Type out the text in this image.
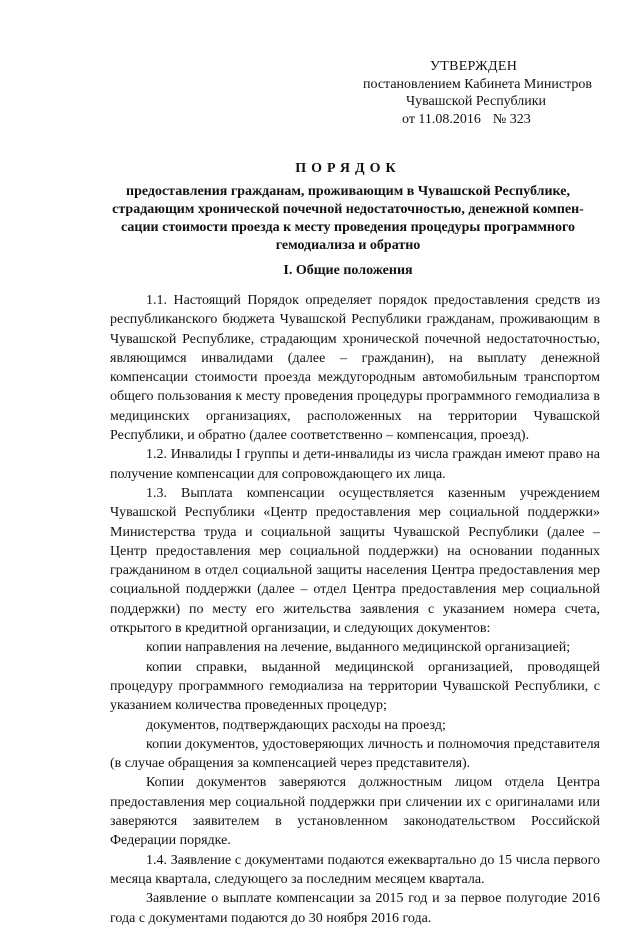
УТВЕРЖДЕН
постановлением Кабинета Министров
Чувашской Республики
от 11.08.2016 № 323
ПОРЯДОК
предоставления гражданам, проживающим в Чувашской Республике,
страдающим хронической почечной недостаточностью, денежной компен-
сации стоимости проезда к месту проведения процедуры программного
гемодиализа и обратно
I. Общие положения

1.1. Настоящий Порядок определяет порядок предоставления средств из республиканского бюджета Чувашской Республики гражданам, проживающим в Чувашской Республике, страдающим хронической почечной недостаточностью, являющимся инвалидами (далее – гражданин), на выплату денежной компенсации стоимости проезда междугородным автомобильным транспортом общего пользования к месту проведения процедуры программного гемодиализа в медицинских организациях, расположенных на территории Чувашской Республики, и обратно (далее соответственно – компенсация, проезд).

1.2. Инвалиды I группы и дети-инвалиды из числа граждан имеют право на получение компенсации для сопровождающего их лица.

1.3. Выплата компенсации осуществляется казенным учреждением Чувашской Республики «Центр предоставления мер социальной поддержки» Министерства труда и социальной защиты Чувашской Республики (далее – Центр предоставления мер социальной поддержки) на основании поданных гражданином в отдел социальной защиты населения Центра предоставления мер социальной поддержки (далее – отдел Центра предоставления мер социальной поддержки) по месту его жительства заявления с указанием номера счета, открытого в кредитной организации, и следующих документов:

копии направления на лечение, выданного медицинской организацией;

копии справки, выданной медицинской организацией, проводящей процедуру программного гемодиализа на территории Чувашской Республики, с указанием количества проведенных процедур;

документов, подтверждающих расходы на проезд;

копии документов, удостоверяющих личность и полномочия представителя (в случае обращения за компенсацией через представителя).

Копии документов заверяются должностным лицом отдела Центра предоставления мер социальной поддержки при сличении их с оригиналами или заверяются заявителем в установленном законодательством Российской Федерации порядке.

1.4. Заявление с документами подаются ежеквартально до 15 числа первого месяца квартала, следующего за последним месяцем квартала.

Заявление о выплате компенсации за 2015 год и за первое полугодие 2016 года с документами подаются до 30 ноября 2016 года.
